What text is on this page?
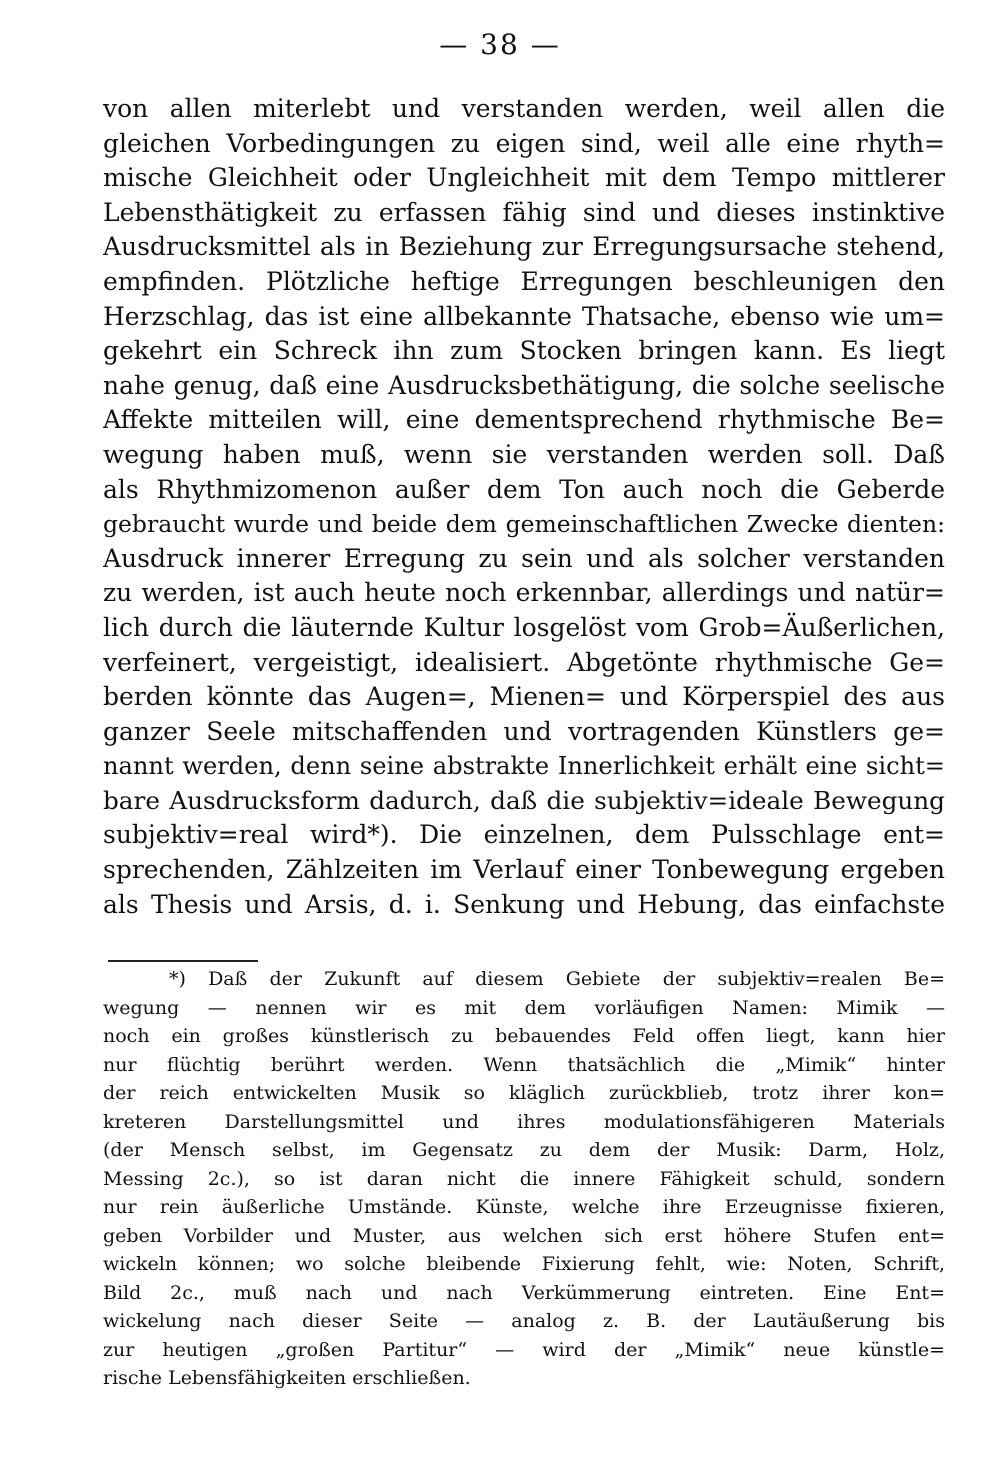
— 38 —
von allen miterlebt und verstanden werden, weil allen die
gleichen Vorbedingungen zu eigen sind, weil alle eine rhyth=
mische Gleichheit oder Ungleichheit mit dem Tempo mittlerer
Lebensthätigkeit zu erfassen fähig sind und dieses instinktive
Ausdrucksmittel als in Beziehung zur Erregungsursache stehend,
empfinden. Plötzliche heftige Erregungen beschleunigen den
Herzschlag, das ist eine allbekannte Thatsache, ebenso wie um=
gekehrt ein Schreck ihn zum Stocken bringen kann. Es liegt
nahe genug, daß eine Ausdrucksbethätigung, die solche seelische
Affekte mitteilen will, eine dementsprechend rhythmische Be=
wegung haben muß, wenn sie verstanden werden soll. Daß
als Rhythmizomenon außer dem Ton auch noch die Geberde
gebraucht wurde und beide dem gemeinschaftlichen Zwecke dienten:
Ausdruck innerer Erregung zu sein und als solcher verstanden
zu werden, ist auch heute noch erkennbar, allerdings und natür=
lich durch die läuternde Kultur losgelöst vom Grob=Äußerlichen,
verfeinert, vergeistigt, idealisiert. Abgetönte rhythmische Ge=
berden könnte das Augen=, Mienen= und Körperspiel des aus
ganzer Seele mitschaffenden und vortragenden Künstlers ge=
nannt werden, denn seine abstrakte Innerlichkeit erhält eine sicht=
bare Ausdrucksform dadurch, daß die subjektiv=ideale Bewegung
subjektiv=real wird*). Die einzelnen, dem Pulsschlage ent=
sprechenden, Zählzeiten im Verlauf einer Tonbewegung ergeben
als Thesis und Arsis, d. i. Senkung und Hebung, das einfachste
*) Daß der Zukunft auf diesem Gebiete der subjektiv=realen Be=
wegung — nennen wir es mit dem vorläufigen Namen: Mimik —
noch ein großes künstlerisch zu bebauendes Feld offen liegt, kann hier
nur flüchtig berührt werden. Wenn thatsächlich die „Mimik“ hinter
der reich entwickelten Musik so kläglich zurückblieb, trotz ihrer kon=
kreteren Darstellungsmittel und ihres modulationsfähigeren Materials
(der Mensch selbst, im Gegensatz zu dem der Musik: Darm, Holz,
Messing 2c.), so ist daran nicht die innere Fähigkeit schuld, sondern
nur rein äußerliche Umstände. Künste, welche ihre Erzeugnisse fixieren,
geben Vorbilder und Muster, aus welchen sich erst höhere Stufen ent=
wickeln können; wo solche bleibende Fixierung fehlt, wie: Noten, Schrift,
Bild 2c., muß nach und nach Verkümmerung eintreten. Eine Ent=
wickelung nach dieser Seite — analog z. B. der Lautäußerung bis
zur heutigen „großen Partitur“ — wird der „Mimik“ neue künstle=
rische Lebensfähigkeiten erschließen.
